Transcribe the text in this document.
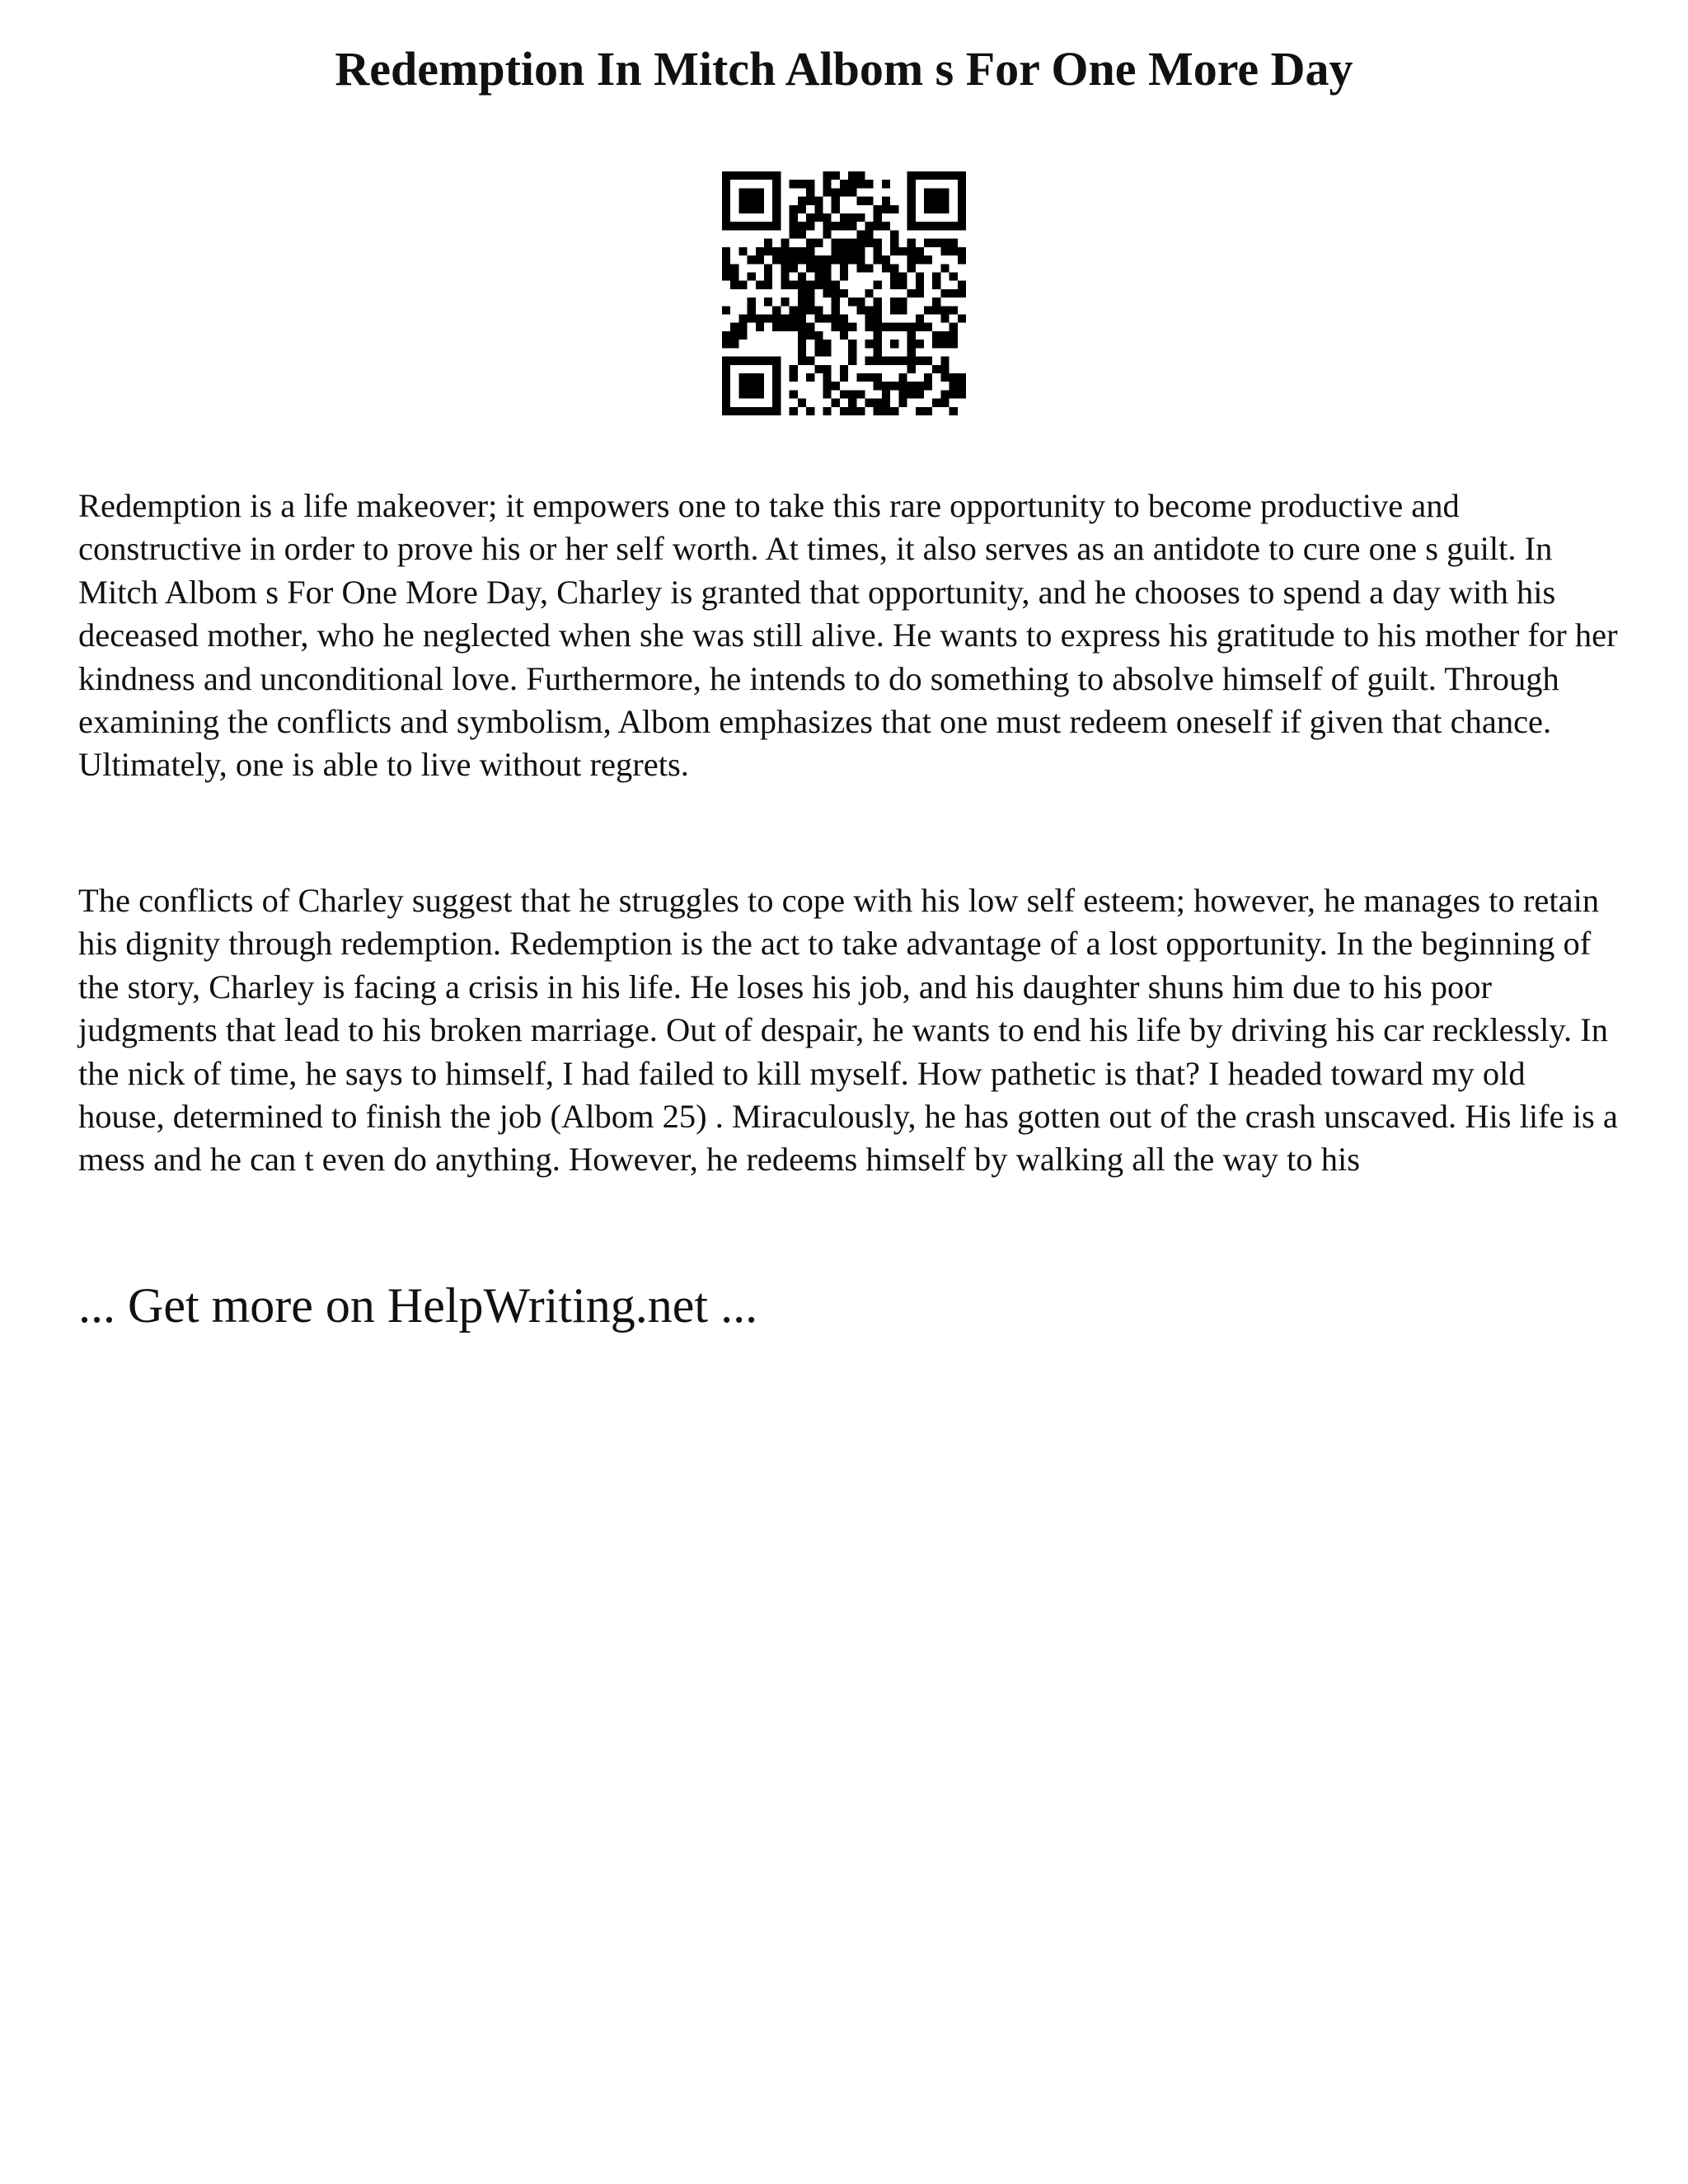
Redemption In Mitch Albom s For One More Day

Redemption is a life makeover; it empowers one to take this rare opportunity to become productive and constructive in order to prove his or her self worth. At times, it also serves as an antidote to cure one s guilt. In Mitch Albom s For One More Day, Charley is granted that opportunity, and he chooses to spend a day with his deceased mother, who he neglected when she was still alive. He wants to express his gratitude to his mother for her kindness and unconditional love. Furthermore, he intends to do something to absolve himself of guilt. Through examining the conflicts and symbolism, Albom emphasizes that one must redeem oneself if given that chance. Ultimately, one is able to live without regrets.

The conflicts of Charley suggest that he struggles to cope with his low self esteem; however, he manages to retain his dignity through redemption. Redemption is the act to take advantage of a lost opportunity. In the beginning of the story, Charley is facing a crisis in his life. He loses his job, and his daughter shuns him due to his poor judgments that lead to his broken marriage. Out of despair, he wants to end his life by driving his car recklessly. In the nick of time, he says to himself, I had failed to kill myself. How pathetic is that? I headed toward my old house, determined to finish the job (Albom 25) . Miraculously, he has gotten out of the crash unscaved. His life is a mess and he can t even do anything. However, he redeems himself by walking all the way to his

... Get more on HelpWriting.net ...
